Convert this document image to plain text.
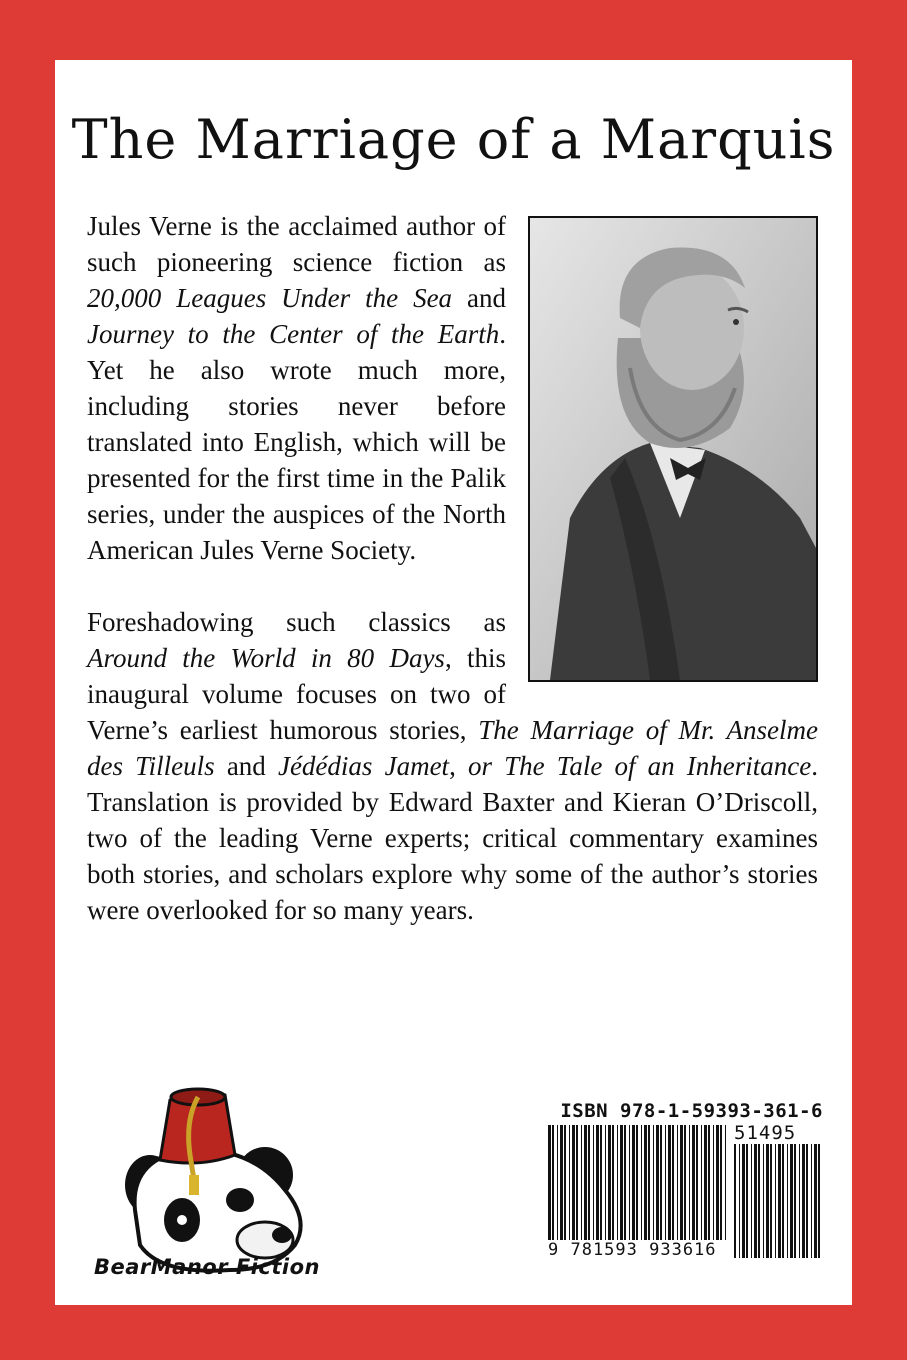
The Marriage of a Marquis

Jules Verne is the acclaimed author of such pioneering science fiction as 20,000 Leagues Under the Sea and Journey to the Center of the Earth. Yet he also wrote much more, including stories never before translated into English, which will be presented for the first time in the Palik series, under the auspices of the North American Jules Verne Society.

Foreshadowing such classics as Around the World in 80 Days, this inaugural volume focuses on two of Verne’s earliest humorous stories, The Marriage of Mr. Anselme des Tilleuls and Jédédias Jamet, or The Tale of an Inheritance. Translation is provided by Edward Baxter and Kieran O’Driscoll, two of the leading Verne experts; critical commentary examines both stories, and scholars explore why some of the author’s stories were overlooked for so many years.

BearManor Fiction
ISBN 978-1-59393-361-6
51495
9 781593 933616
